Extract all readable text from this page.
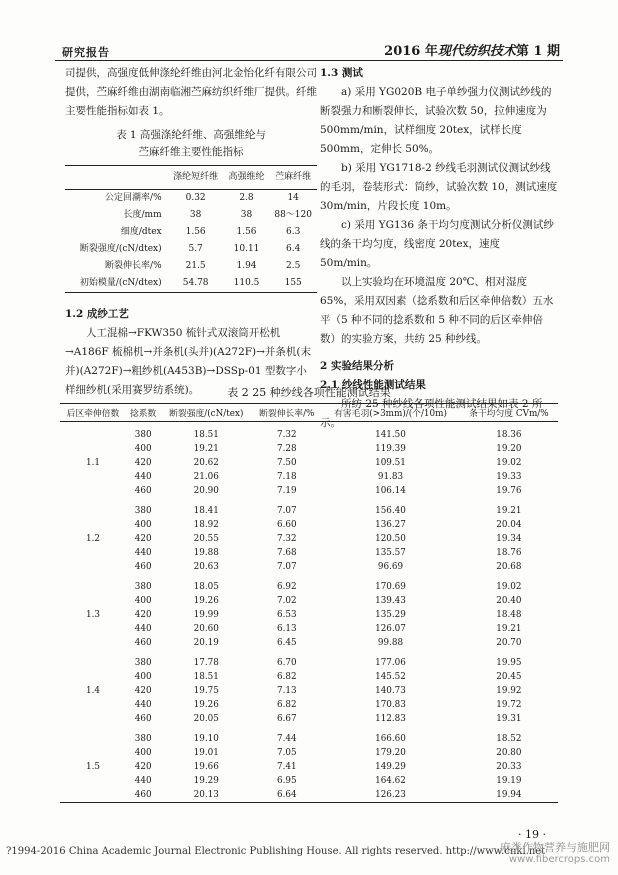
研究报告	2016 年现代纺织技术第 1 期

司提供，高强度低伸涤纶纤维由河北金怡化纤有限公司提供，苎麻纤维由湖南临湘苎麻纺织纤维厂提供。纤维主要性能指标如表 1。

表 1 高强涤纶纤维、高强维纶与
苎麻纤维主要性能指标
	涤纶短纤维	高强维纶	苎麻纤维
公定回潮率/%	0.32	2.8	14
长度/mm	38	38	88～120
细度/dtex	1.56	1.56	6.3
断裂强度/(cN/dtex)	5.7	10.11	6.4
断裂伸长率/%	21.5	1.94	2.5
初始模量/(cN/dtex)	54.78	110.5	155

1.2 成纱工艺

人工混棉→FKW350 梳针式双滚筒开松机→A186F 梳棉机→并条机(头并)(A272F)→并条机(末并)(A272F)→粗纱机(A453B)→DSSp-01 型数字小样细纱机(采用赛罗纺系统)。

1.3 测试

a) 采用 YG020B 电子单纱强力仪测试纱线的断裂强力和断裂伸长，试验次数 50，拉伸速度为 500mm/min，试样细度 20tex，试样长度 500mm，定伸长 50%。

b) 采用 YG1718-2 纱线毛羽测试仪测试纱线的毛羽，卷装形式：筒纱，试验次数 10，测试速度 30m/min，片段长度 10m。

c) 采用 YG136 条干均匀度测试分析仪测试纱线的条干均匀度，线密度 20tex，速度 50m/min。

以上实验均在环境温度 20℃、相对湿度 65%，采用双因素（捻系数和后区牵伸倍数）五水平（5 种不同的捻系数和 5 种不同的后区牵伸倍数）的实验方案，共纺 25 种纱线。

2 实验结果分析

2.1 纱线性能测试结果

所纺 25 种纱线各项性能测试结果如表 2 所示。

表 2 25 种纱线各项性能测试结果
后区牵伸倍数	捻系数	断裂强度/(cN/tex)	断裂伸长率/%	有害毛羽(>3mm)/(个/10m)	条干均匀度 CVm/%
1.1	380	18.51	7.32	141.50	18.36
	400	19.21	7.28	119.39	19.20
	420	20.62	7.50	109.51	19.02
	440	21.06	7.18	91.83	19.33
	460	20.90	7.19	106.14	19.76
1.2	380	18.41	7.07	156.40	19.21
	400	18.92	6.60	136.27	20.04
	420	20.55	7.32	120.50	19.34
	440	19.88	7.68	135.57	18.76
	460	20.63	7.07	96.69	20.68
1.3	380	18.05	6.92	170.69	19.02
	400	19.26	7.02	139.43	20.40
	420	19.99	6.53	135.29	18.48
	440	20.60	6.13	126.07	19.21
	460	20.19	6.45	99.88	20.70
1.4	380	17.78	6.70	177.06	19.95
	400	18.51	6.82	145.52	20.45
	420	19.75	7.13	140.73	19.92
	440	19.26	6.82	170.83	19.72
	460	20.05	6.67	112.83	19.31
1.5	380	19.10	7.44	166.60	18.52
	400	19.01	7.05	179.20	20.80
	420	19.66	7.41	149.29	20.33
	440	19.29	6.95	164.62	19.19
	460	20.13	6.64	126.23	19.94
· 19 ·
?1994-2016 China Academic Journal Electronic Publishing House. All rights reserved. http://www.cnki.net
麻类作物营养与施肥网
www.fibercrops.com
